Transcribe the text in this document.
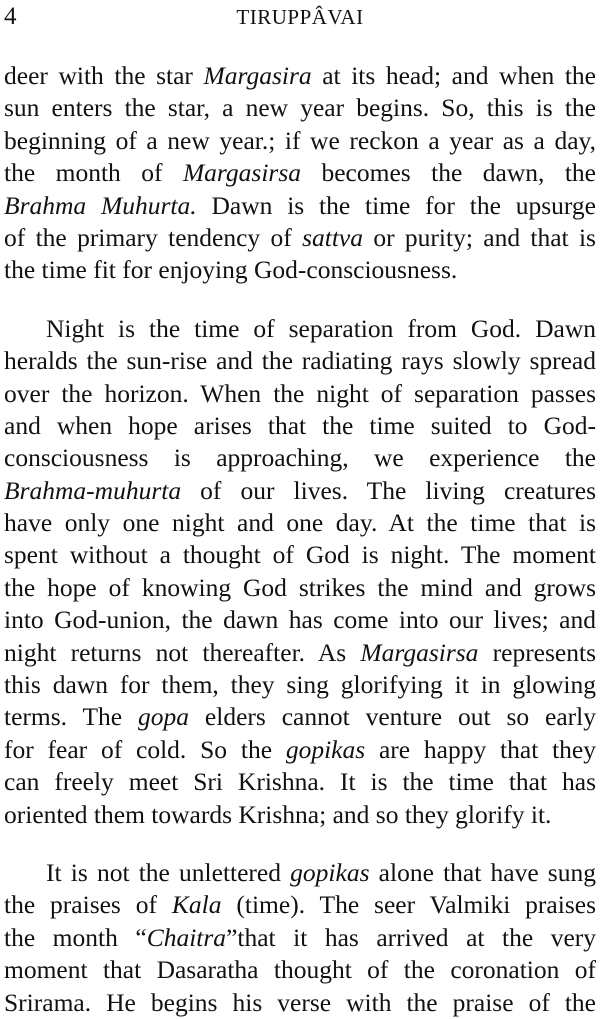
4	TIRUPPÂVAI

deer with the star Margasira at its head; and when the
sun enters the star, a new year begins. So, this is the
beginning of a new year.; if we reckon a year as a day,
the month of Margasirsa becomes the dawn, the
Brahma Muhurta. Dawn is the time for the upsurge
of the primary tendency of sattva or purity; and that is
the time fit for enjoying God-consciousness.

Night is the time of separation from God. Dawn
heralds the sun-rise and the radiating rays slowly spread
over the horizon. When the night of separation passes
and when hope arises that the time suited to God-
consciousness is approaching, we experience the
Brahma-muhurta of our lives. The living creatures
have only one night and one day. At the time that is
spent without a thought of God is night. The moment
the hope of knowing God strikes the mind and grows
into God-union, the dawn has come into our lives; and
night returns not thereafter. As Margasirsa represents
this dawn for them, they sing glorifying it in glowing
terms. The gopa elders cannot venture out so early
for fear of cold. So the gopikas are happy that they
can freely meet Sri Krishna. It is the time that has
oriented them towards Krishna; and so they glorify it.

It is not the unlettered gopikas alone that have sung
the praises of Kala (time). The seer Valmiki praises
the month “Chaitra”that it has arrived at the very
moment that Dasaratha thought of the coronation of
Srirama. He begins his verse with the praise of the
